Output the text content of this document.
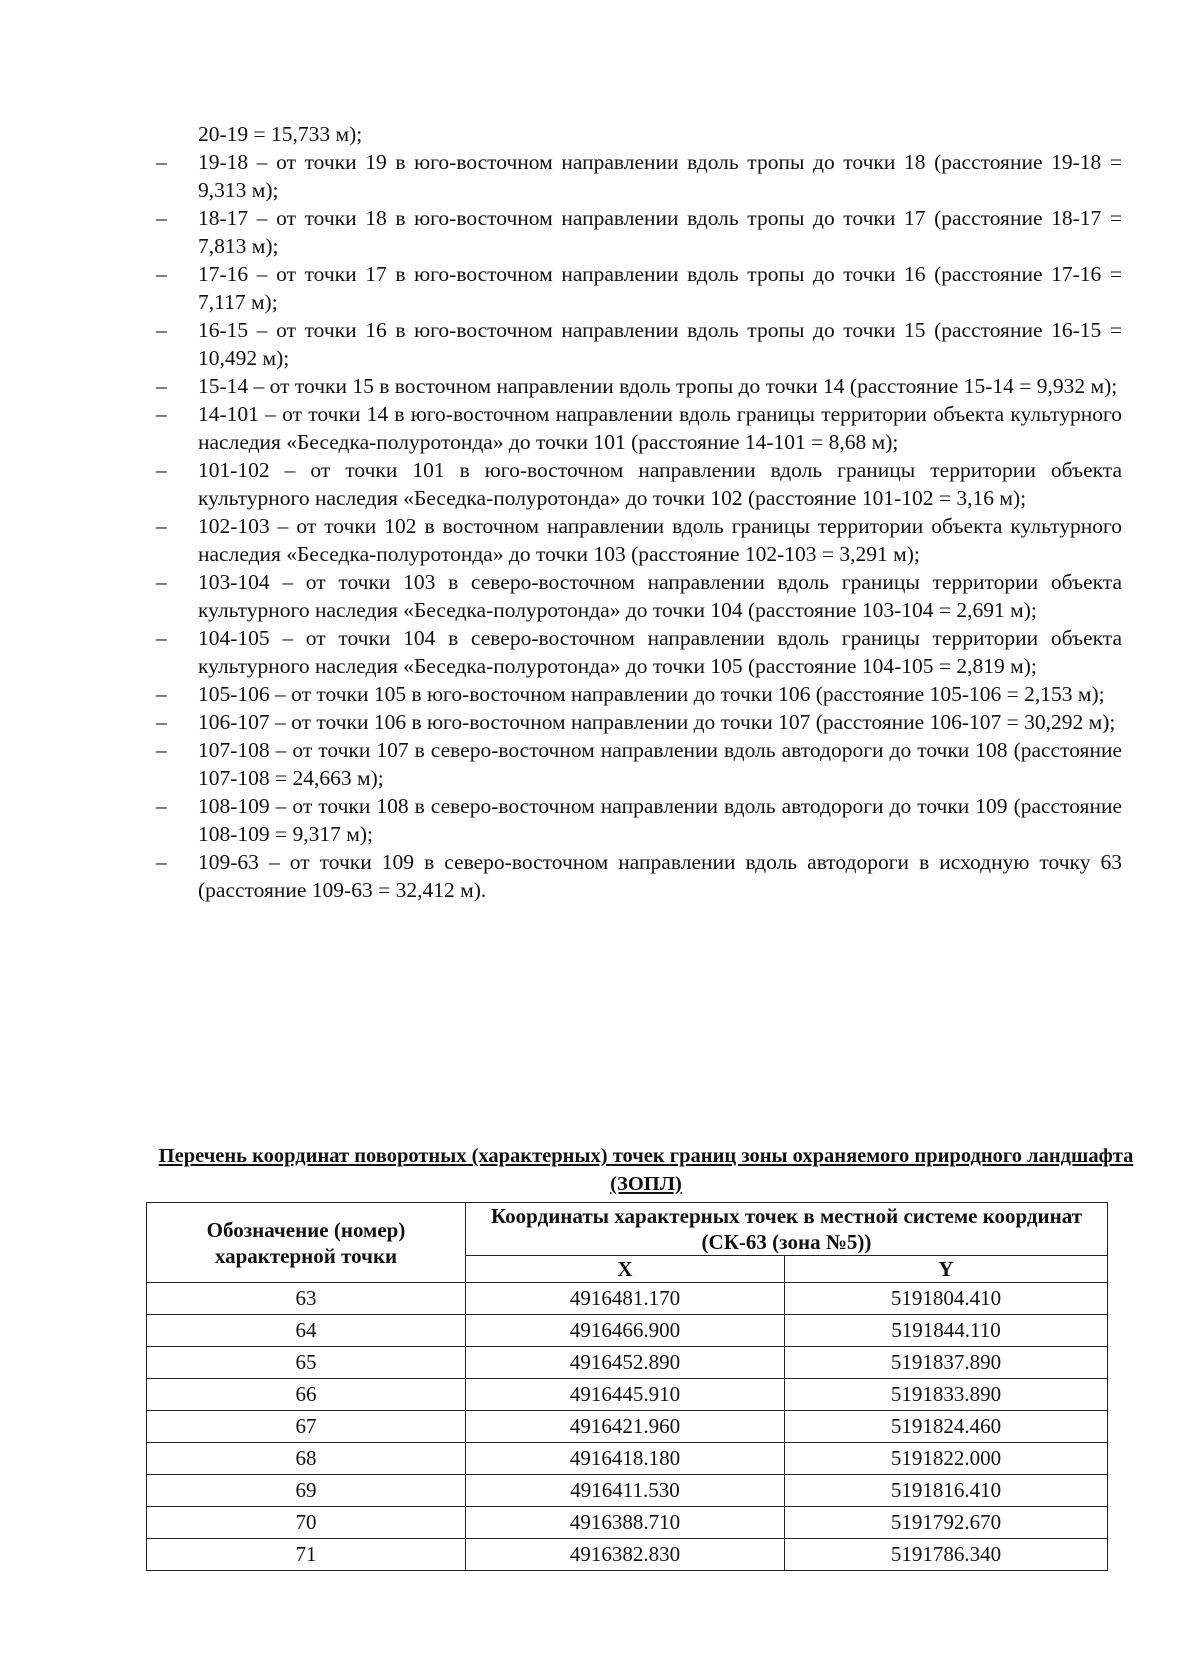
20-19 = 15,733 м);
– 19-18 – от точки 19 в юго-восточном направлении вдоль тропы до точки 18 (расстояние 19-18 = 9,313 м);
– 18-17 – от точки 18 в юго-восточном направлении вдоль тропы до точки 17 (расстояние 18-17 = 7,813 м);
– 17-16 – от точки 17 в юго-восточном направлении вдоль тропы до точки 16 (расстояние 17-16 = 7,117 м);
– 16-15 – от точки 16 в юго-восточном направлении вдоль тропы до точки 15 (расстояние 16-15 = 10,492 м);
– 15-14 – от точки 15 в восточном направлении вдоль тропы до точки 14 (расстояние 15-14 = 9,932 м);
– 14-101 – от точки 14 в юго-восточном направлении вдоль границы территории объекта культурного наследия «Беседка-полуротонда» до точки 101 (расстояние 14-101 = 8,68 м);
– 101-102 – от точки 101 в юго-восточном направлении вдоль границы территории объекта культурного наследия «Беседка-полуротонда» до точки 102 (расстояние 101-102 = 3,16 м);
– 102-103 – от точки 102 в восточном направлении вдоль границы территории объекта культурного наследия «Беседка-полуротонда» до точки 103 (расстояние 102-103 = 3,291 м);
– 103-104 – от точки 103 в северо-восточном направлении вдоль границы территории объекта культурного наследия «Беседка-полуротонда» до точки 104 (расстояние 103-104 = 2,691 м);
– 104-105 – от точки 104 в северо-восточном направлении вдоль границы территории объекта культурного наследия «Беседка-полуротонда» до точки 105 (расстояние 104-105 = 2,819 м);
– 105-106 – от точки 105 в юго-восточном направлении до точки 106 (расстояние 105-106 = 2,153 м);
– 106-107 – от точки 106 в юго-восточном направлении до точки 107 (расстояние 106-107 = 30,292 м);
– 107-108 – от точки 107 в северо-восточном направлении вдоль автодороги до точки 108 (расстояние 107-108 = 24,663 м);
– 108-109 – от точки 108 в северо-восточном направлении вдоль автодороги до точки 109 (расстояние 108-109 = 9,317 м);
– 109-63 – от точки 109 в северо-восточном направлении вдоль автодороги в исходную точку 63 (расстояние 109-63 = 32,412 м).
Перечень координат поворотных (характерных) точек границ зоны охраняемого природного ландшафта (ЗОПЛ)
Обозначение (номер) характерной точки	Координаты характерных точек в местной системе координат (СК-63 (зона №5))	
	X	Y
63	4916481.170	5191804.410
64	4916466.900	5191844.110
65	4916452.890	5191837.890
66	4916445.910	5191833.890
67	4916421.960	5191824.460
68	4916418.180	5191822.000
69	4916411.530	5191816.410
70	4916388.710	5191792.670
71	4916382.830	5191786.340
